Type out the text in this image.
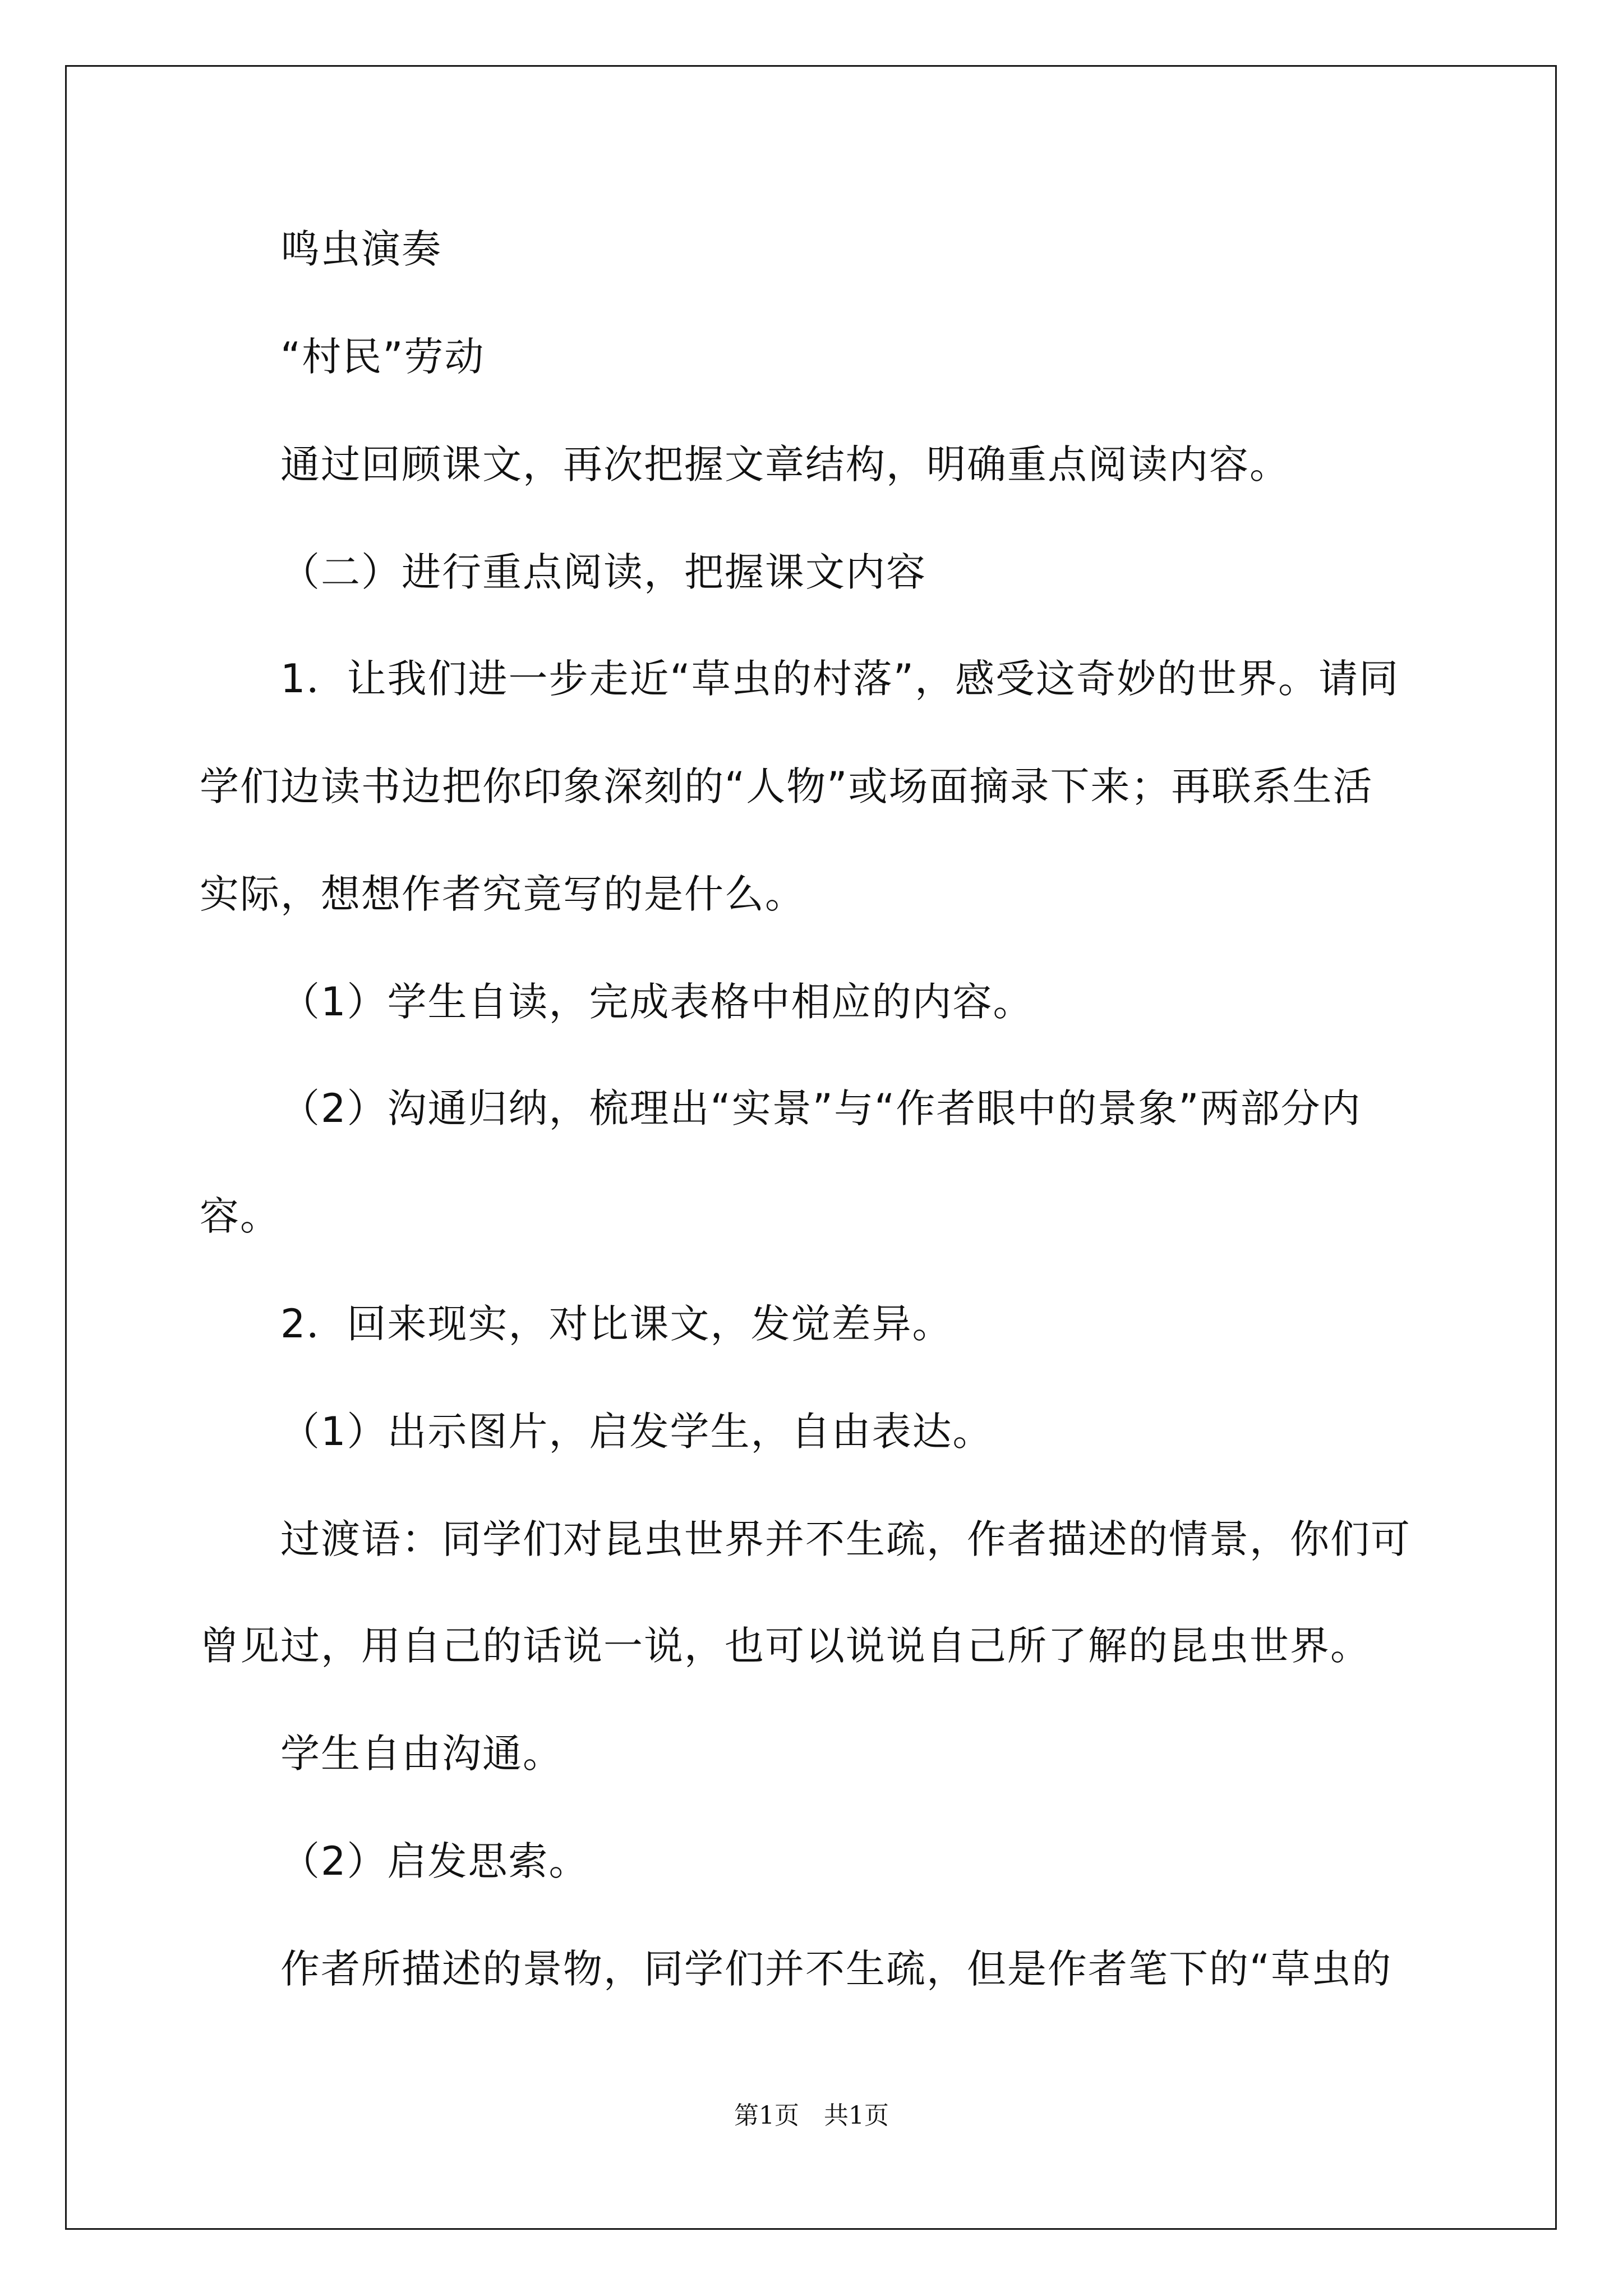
鸣虫演奏
“村民”劳动
通过回顾课文，再次把握文章结构，明确重点阅读内容。
（二）进行重点阅读，把握课文内容
1．让我们进一步走近“草虫的村落”，感受这奇妙的世界。请同
学们边读书边把你印象深刻的“人物”或场面摘录下来；再联系生活
实际，想想作者究竟写的是什么。
（1）学生自读，完成表格中相应的内容。
（2）沟通归纳，梳理出“实景”与“作者眼中的景象”两部分内
容。
2．回来现实，对比课文，发觉差异。
（1）出示图片，启发学生，自由表达。
过渡语：同学们对昆虫世界并不生疏，作者描述的情景，你们可
曾见过，用自己的话说一说，也可以说说自己所了解的昆虫世界。
学生自由沟通。
（2）启发思索。
作者所描述的景物，同学们并不生疏，但是作者笔下的“草虫的
第1页　共1页
